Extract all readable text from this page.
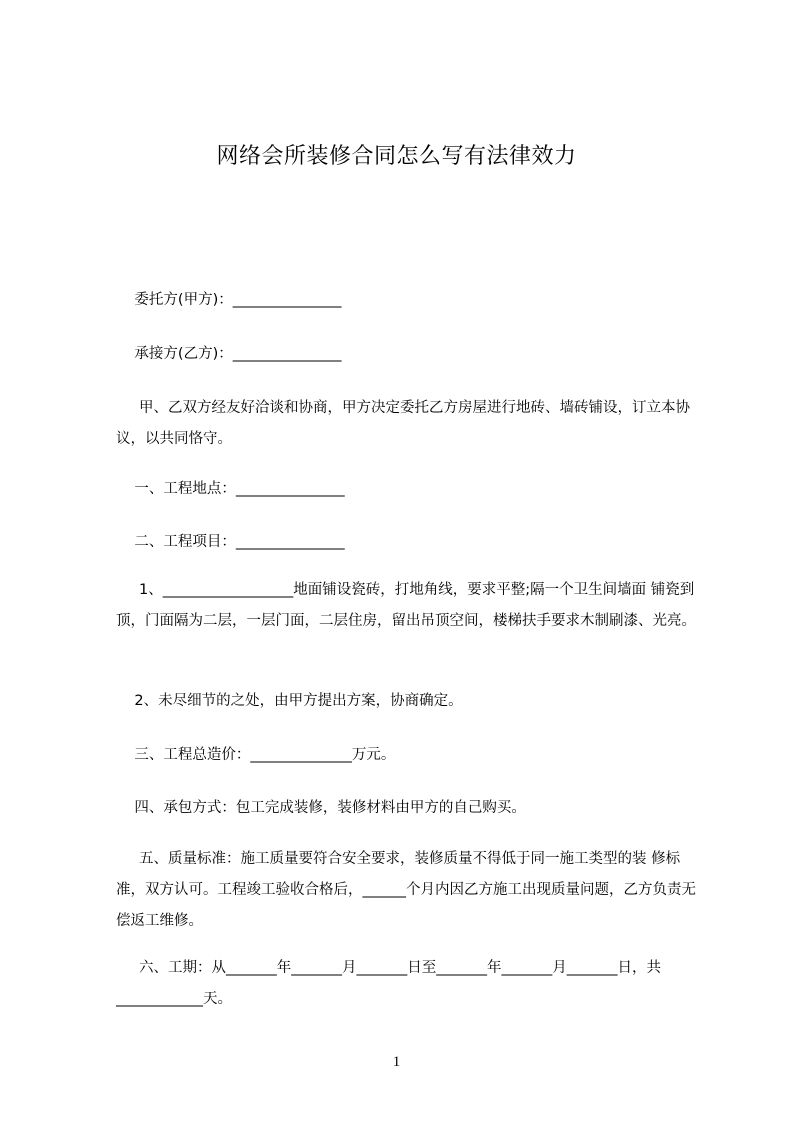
网络会所装修合同怎么写有法律效力
委托方(甲方)：_______________
承接方(乙方)：_______________
甲、乙双方经友好洽谈和协商，甲方决定委托乙方房屋进行地砖、墙砖铺设，订立本协议，以共同恪守。
一、工程地点：_______________
二、工程项目：_______________
1、__________________地面铺设瓷砖，打地角线，要求平整;隔一个卫生间墙面 铺瓷到顶，门面隔为二层，一层门面，二层住房，留出吊顶空间，楼梯扶手要求木制刷漆、光亮。
2、未尽细节的之处，由甲方提出方案，协商确定。
三、工程总造价：______________万元。
四、承包方式：包工完成装修，装修材料由甲方的自己购买。
五、质量标准：施工质量要符合安全要求，装修质量不得低于同一施工类型的装 修标准，双方认可。工程竣工验收合格后，______个月内因乙方施工出现质量问题，乙方负责无偿返工维修。
六、工期：从_______年_______月_______日至_______年_______月_______日，共____________天。
1
